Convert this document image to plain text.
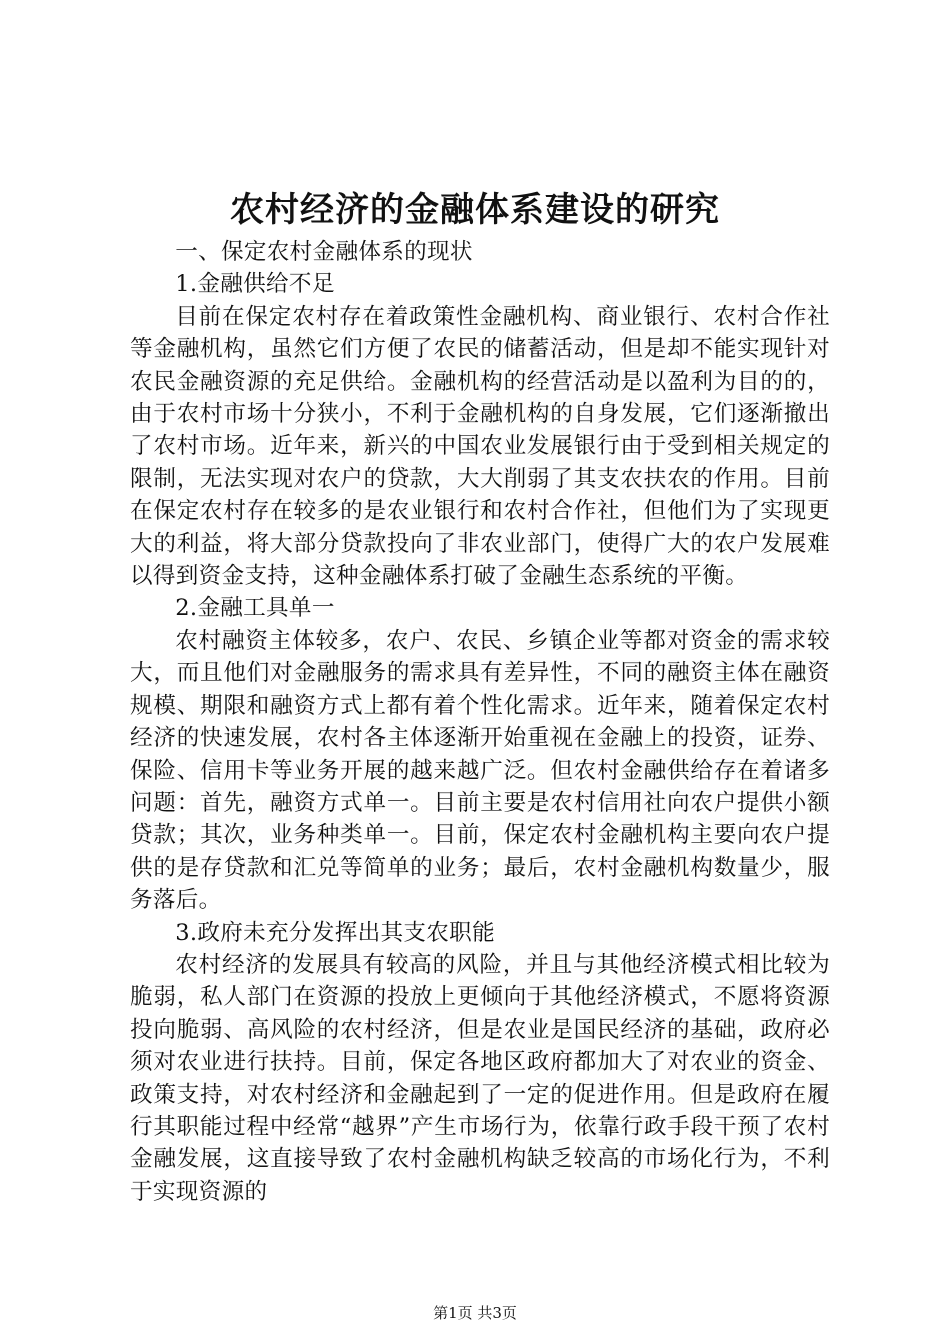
农村经济的金融体系建设的研究

一、保定农村金融体系的现状

1.金融供给不足

目前在保定农村存在着政策性金融机构、商业银行、农村合作社等金融机构，虽然它们方便了农民的储蓄活动，但是却不能实现针对农民金融资源的充足供给。金融机构的经营活动是以盈利为目的的，由于农村市场十分狭小，不利于金融机构的自身发展，它们逐渐撤出了农村市场。近年来，新兴的中国农业发展银行由于受到相关规定的限制，无法实现对农户的贷款，大大削弱了其支农扶农的作用。目前在保定农村存在较多的是农业银行和农村合作社，但他们为了实现更大的利益，将大部分贷款投向了非农业部门，使得广大的农户发展难以得到资金支持，这种金融体系打破了金融生态系统的平衡。

2.金融工具单一

农村融资主体较多，农户、农民、乡镇企业等都对资金的需求较大，而且他们对金融服务的需求具有差异性，不同的融资主体在融资规模、期限和融资方式上都有着个性化需求。近年来，随着保定农村经济的快速发展，农村各主体逐渐开始重视在金融上的投资，证券、保险、信用卡等业务开展的越来越广泛。但农村金融供给存在着诸多问题：首先，融资方式单一。目前主要是农村信用社向农户提供小额贷款；其次，业务种类单一。目前，保定农村金融机构主要向农户提供的是存贷款和汇兑等简单的业务；最后，农村金融机构数量少，服务落后。

3.政府未充分发挥出其支农职能

农村经济的发展具有较高的风险，并且与其他经济模式相比较为脆弱，私人部门在资源的投放上更倾向于其他经济模式，不愿将资源投向脆弱、高风险的农村经济，但是农业是国民经济的基础，政府必须对农业进行扶持。目前，保定各地区政府都加大了对农业的资金、政策支持，对农村经济和金融起到了一定的促进作用。但是政府在履行其职能过程中经常“越界”产生市场行为，依靠行政手段干预了农村金融发展，这直接导致了农村金融机构缺乏较高的市场化行为，不利于实现资源的

第1页 共3页
